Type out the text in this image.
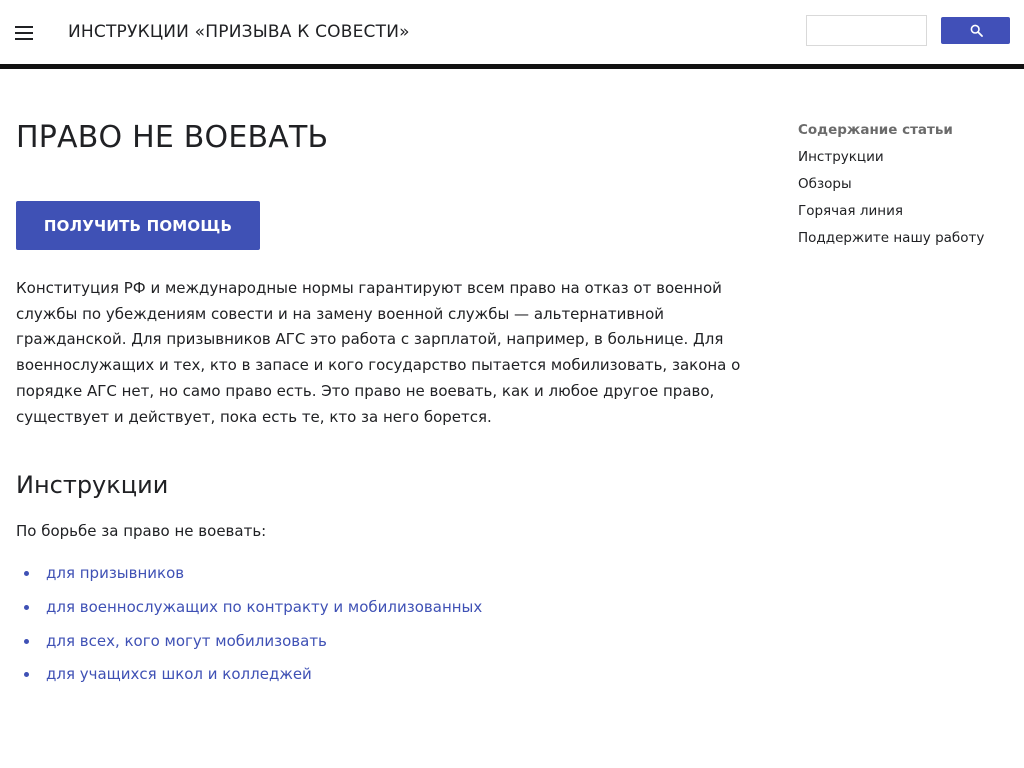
ИНСТРУКЦИИ «ПРИЗЫВА К СОВЕСТИ»
ПРАВО НЕ ВОЕВАТЬ
ПОЛУЧИТЬ ПОМОЩЬ

Конституция РФ и международные нормы гарантируют всем право на отказ от военной службы по убеждениям совести и на замену военной службы — альтернативной гражданской. Для призывников АГС это работа с зарплатой, например, в больнице. Для военнослужащих и тех, кто в запасе и кого государство пытается мобилизовать, закона о порядке АГС нет, но само право есть. Это право не воевать, как и любое другое право, существует и действует, пока есть те, кто за него борется.

Инструкции

По борьбе за право не воевать:

для призывников
для военнослужащих по контракту и мобилизованных
для всех, кого могут мобилизовать
для учащихся школ и колледжей
Содержание статьи
Инструкции
Обзоры
Горячая линия
Поддержите нашу работу
